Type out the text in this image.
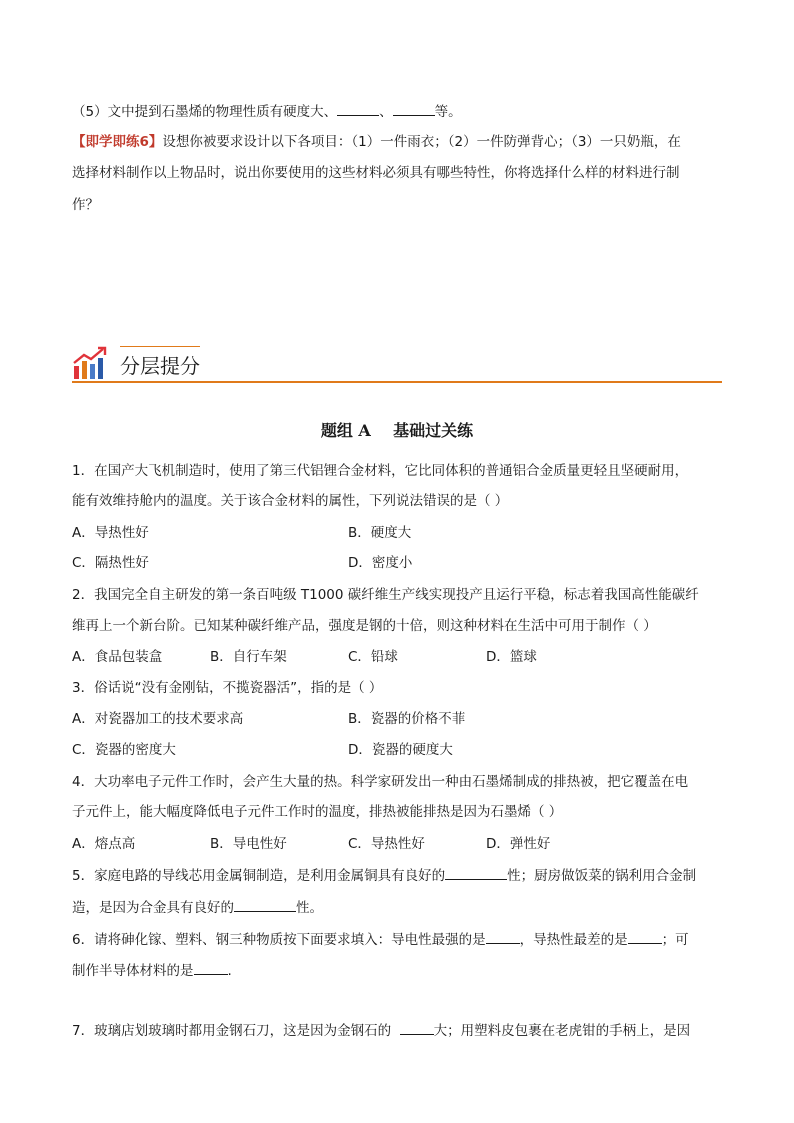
（5）文中提到石墨烯的物理性质有硬度大、	、	等。
【即学即练6】设想你被要求设计以下各项目：（1）一件雨衣；（2）一件防弹背心；（3）一只奶瓶，在
选择材料制作以上物品时，说出你要使用的这些材料必须具有哪些特性，你将选择什么样的材料进行制
作？
分层提分
题组 A    基础过关练
1．在国产大飞机制造时，使用了第三代铝锂合金材料，它比同体积的普通铝合金质量更轻且坚硬耐用，
能有效维持舱内的温度。关于该合金材料的属性，下列说法错误的是（ ）
A．导热性好	B．硬度大
C．隔热性好	D．密度小
2．我国完全自主研发的第一条百吨级 T1000 碳纤维生产线实现投产且运行平稳，标志着我国高性能碳纤
维再上一个新台阶。已知某种碳纤维产品，强度是钢的十倍，则这种材料在生活中可用于制作（ ）
A．食品包装盒	B．自行车架	C．铅球	D．篮球
3．俗话说“没有金刚钻，不揽瓷器活”，指的是（ ）
A．对瓷器加工的技术要求高	B．瓷器的价格不菲
C．瓷器的密度大	D．瓷器的硬度大
4．大功率电子元件工作时，会产生大量的热。科学家研发出一种由石墨烯制成的排热被，把它覆盖在电
子元件上，能大幅度降低电子元件工作时的温度，排热被能排热是因为石墨烯（ ）
A．熔点高	B．导电性好	C．导热性好	D．弹性好
5．家庭电路的导线芯用金属铜制造，是利用金属铜具有良好的	性；厨房做饭菜的锅利用合金制
造，是因为合金具有良好的	性。
6．请将砷化镓、塑料、钢三种物质按下面要求填入：导电性最强的是	，导热性最差的是	；可
制作半导体材料的是	.
7．玻璃店划玻璃时都用金钢石刀，这是因为金钢石的	大；用塑料皮包裹在老虎钳的手柄上，是因
